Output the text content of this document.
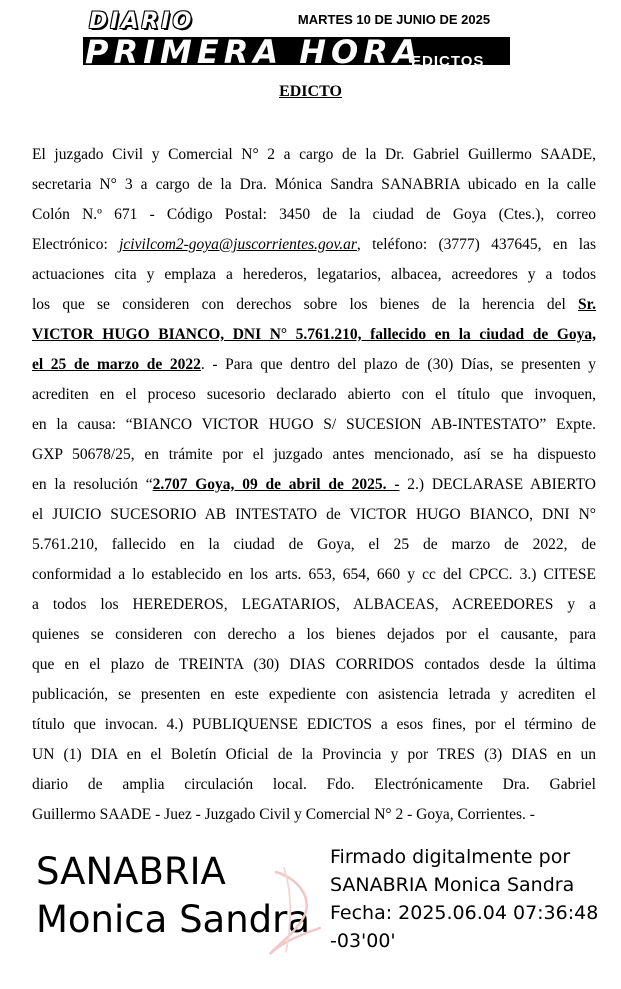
DIARIO
PRIMERA HORA
MARTES 10 DE JUNIO DE 2025
EDICTOS
EDICTO
El juzgado Civil y Comercial N° 2 a cargo de la Dr. Gabriel Guillermo SAADE,
secretaria N° 3 a cargo de la Dra. Mónica Sandra SANABRIA ubicado en la calle
Colón N.º 671 - Código Postal: 3450 de la ciudad de Goya (Ctes.), correo
Electrónico: jcivilcom2-goya@juscorrientes.gov.ar, teléfono: (3777) 437645, en las
actuaciones cita y emplaza a herederos, legatarios, albacea, acreedores y a todos
los que se consideren con derechos sobre los bienes de la herencia del Sr.
VICTOR HUGO BIANCO, DNI N° 5.761.210, fallecido en la ciudad de Goya,
el 25 de marzo de 2022. - Para que dentro del plazo de (30) Días, se presenten y
acrediten en el proceso sucesorio declarado abierto con el título que invoquen,
en la causa: “BIANCO VICTOR HUGO S/ SUCESION AB-INTESTATO” Expte.
GXP 50678/25, en trámite por el juzgado antes mencionado, así se ha dispuesto
en la resolución “2.707 Goya, 09 de abril de 2025. - 2.) DECLARASE ABIERTO
el JUICIO SUCESORIO AB INTESTATO de VICTOR HUGO BIANCO, DNI N°
5.761.210, fallecido en la ciudad de Goya, el 25 de marzo de 2022, de
conformidad a lo establecido en los arts. 653, 654, 660 y cc del CPCC. 3.) CITESE
a todos los HEREDEROS, LEGATARIOS, ALBACEAS, ACREEDORES y a
quienes se consideren con derecho a los bienes dejados por el causante, para
que en el plazo de TREINTA (30) DIAS CORRIDOS contados desde la última
publicación, se presenten en este expediente con asistencia letrada y acrediten el
título que invocan. 4.) PUBLIQUENSE EDICTOS a esos fines, por el término de
UN (1) DIA en el Boletín Oficial de la Provincia y por TRES (3) DIAS en un
diario de amplia circulación local. Fdo. Electrónicamente Dra. Gabriel
Guillermo SAADE - Juez - Juzgado Civil y Comercial N° 2 - Goya, Corrientes. -
SANABRIA
Monica Sandra
Firmado digitalmente por
SANABRIA Monica Sandra
Fecha: 2025.06.04 07:36:48
-03'00'
